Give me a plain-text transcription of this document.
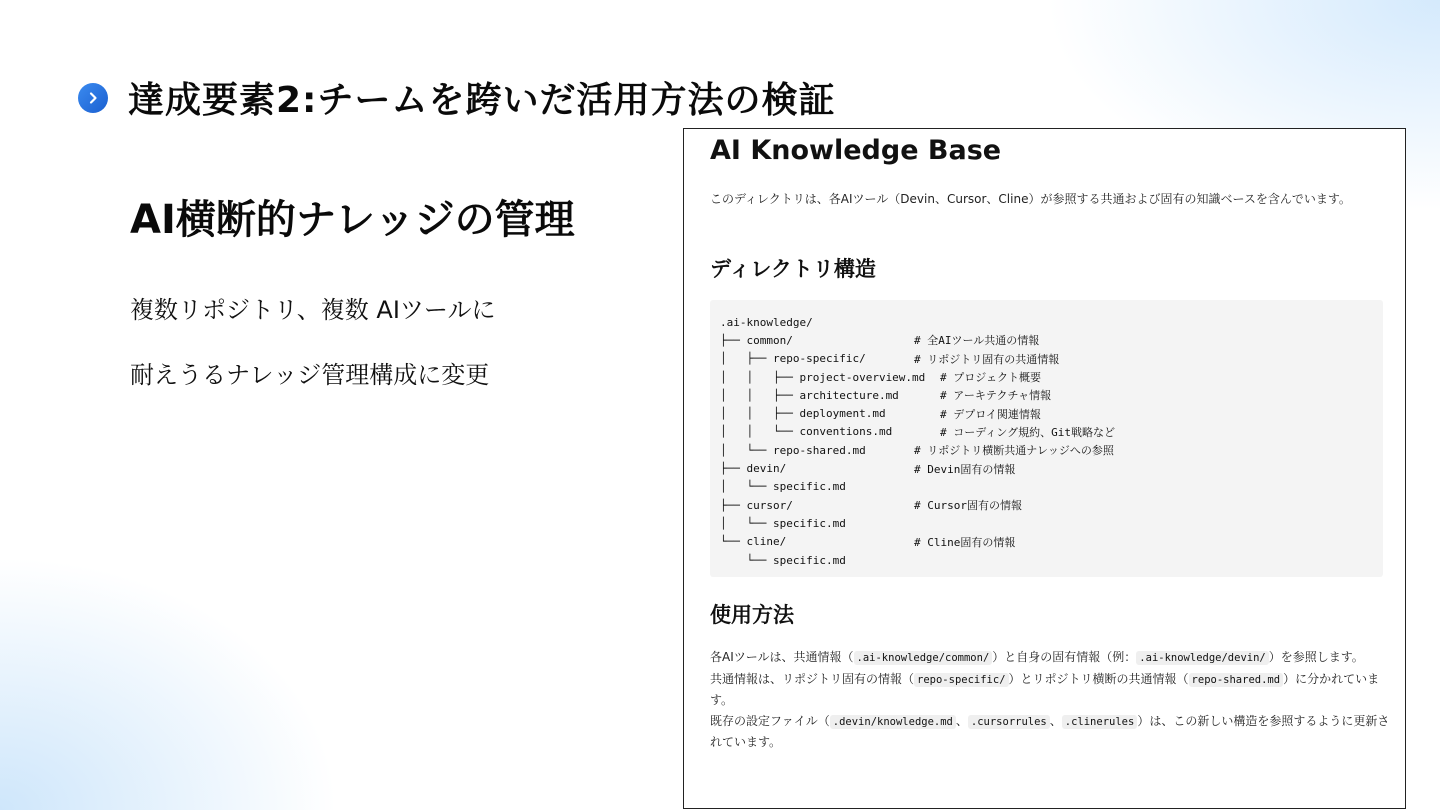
達成要素2:チームを跨いだ活用方法の検証
AI横断的ナレッジの管理
複数リポジトリ、複数 AIツールに
耐えうるナレッジ管理構成に変更
AI Knowledge Base
このディレクトリは、各AIツール（Devin、Cursor、Cline）が参照する共通および固有の知識ベースを含んでいます。
ディレクトリ構造
.ai-knowledge/
├── common/	# 全AIツール共通の情報
│   ├── repo-specific/	# リポジトリ固有の共通情報
│   │   ├── project-overview.md	# プロジェクト概要
│   │   ├── architecture.md	# アーキテクチャ情報
│   │   ├── deployment.md	# デプロイ関連情報
│   │   └── conventions.md	# コーディング規約、Git戦略など
│   └── repo-shared.md	# リポジトリ横断共通ナレッジへの参照
├── devin/	# Devin固有の情報
│   └── specific.md
├── cursor/	# Cursor固有の情報
│   └── specific.md
└── cline/	# Cline固有の情報
└── specific.md
使用方法
各AIツールは、共通情報（ .ai-knowledge/common/ ）と自身の固有情報（例： .ai-knowledge/devin/ ）を参照します。
共通情報は、リポジトリ固有の情報（ repo-specific/ ）とリポジトリ横断の共通情報（ repo-shared.md ）に分かれています。
既存の設定ファイル（ .devin/knowledge.md 、 .cursorrules 、 .clinerules ）は、この新しい構造を参照するように更新されています。
